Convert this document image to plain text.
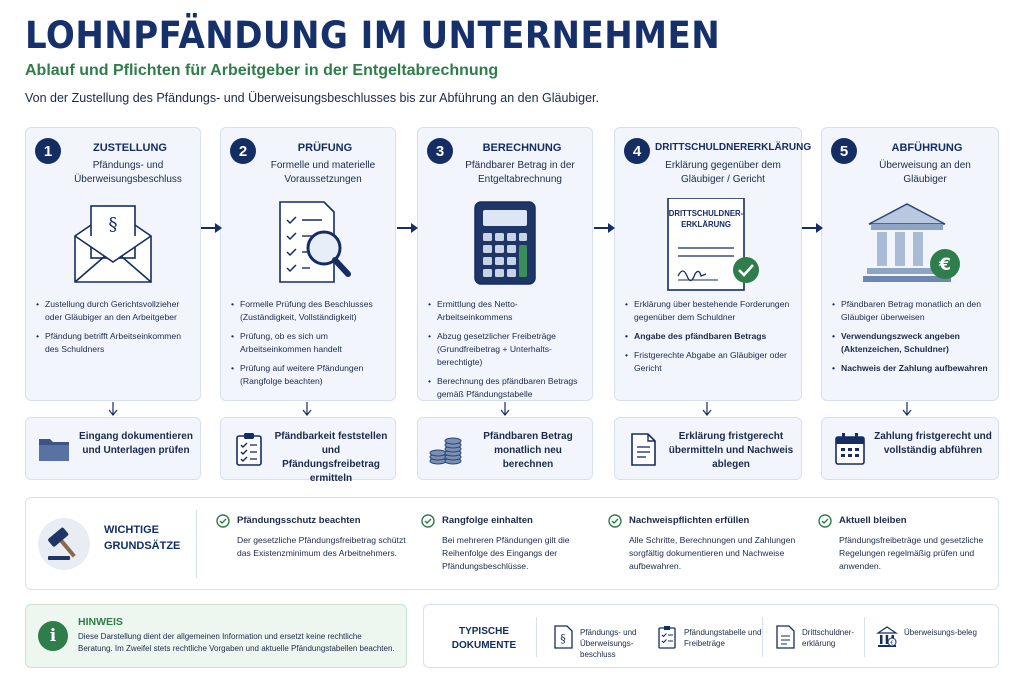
LOHNPFÄNDUNG IM UNTERNEHMEN
Ablauf und Pflichten für Arbeitgeber in der Entgeltabrechnung
Von der Zustellung des Pfändungs- und Überweisungsbeschlusses bis zur Abführung an den Gläubiger.
1	ZUSTELLUNG
Pfändungs- und Überweisungsbeschluss
§
• Zustellung durch Gerichtsvollzieher oder Gläubiger an den Arbeitgeber
• Pfändung betrifft Arbeitseinkommen des Schuldners
2	PRÜFUNG
Formelle und materielle Voraussetzungen
• Formelle Prüfung des Beschlusses (Zuständigkeit, Vollständigkeit)
• Prüfung, ob es sich um Arbeitseinkommen handelt
• Prüfung auf weitere Pfändungen (Rangfolge beachten)
3	BERECHNUNG
Pfändbarer Betrag in der Entgeltabrechnung
• Ermittlung des Netto-Arbeitseinkommens
• Abzug gesetzlicher Freibeträge (Grundfreibetrag + Unterhalts-berechtigte)
• Berechnung des pfändbaren Betrags gemäß Pfändungstabelle
4	DRITTSCHULDNERERKLÄRUNG
Erklärung gegenüber dem Gläubiger / Gericht
DRITTSCHULDNER-ERKLÄRUNG
• Erklärung über bestehende Forderungen gegenüber dem Schuldner
• Angabe des pfändbaren Betrags
• Fristgerechte Abgabe an Gläubiger oder Gericht
5	ABFÜHRUNG
Überweisung an den Gläubiger
€
• Pfändbaren Betrag monatlich an den Gläubiger überweisen
• Verwendungszweck angeben (Aktenzeichen, Schuldner)
• Nachweis der Zahlung aufbewahren
Eingang dokumentieren und Unterlagen prüfen
Pfändbarkeit feststellen und Pfändungsfreibetrag ermitteln
Pfändbaren Betrag monatlich neu berechnen
Erklärung fristgerecht übermitteln und Nachweis ablegen
Zahlung fristgerecht und vollständig abführen
WICHTIGE
GRUNDSÄTZE
Pfändungsschutz beachten
Der gesetzliche Pfändungsfreibetrag schützt das Existenzminimum des Arbeitnehmers.
Rangfolge einhalten
Bei mehreren Pfändungen gilt die Reihenfolge des Eingangs der Pfändungsbeschlüsse.
Nachweispflichten erfüllen
Alle Schritte, Berechnungen und Zahlungen sorgfältig dokumentieren und Nachweise aufbewahren.
Aktuell bleiben
Pfändungsfreibeträge und gesetzliche Regelungen regelmäßig prüfen und anwenden.
i
HINWEIS
Diese Darstellung dient der allgemeinen Information und ersetzt keine rechtliche Beratung. Im Zweifel stets rechtliche Vorgaben und aktuelle Pfändungstabellen beachten.
TYPISCHE
DOKUMENTE
§ Pfändungs- und Überweisungs-beschluss
Pfändungstabelle und Freibeträge
Drittschuldner-erklärung	€
Überweisungs-beleg
